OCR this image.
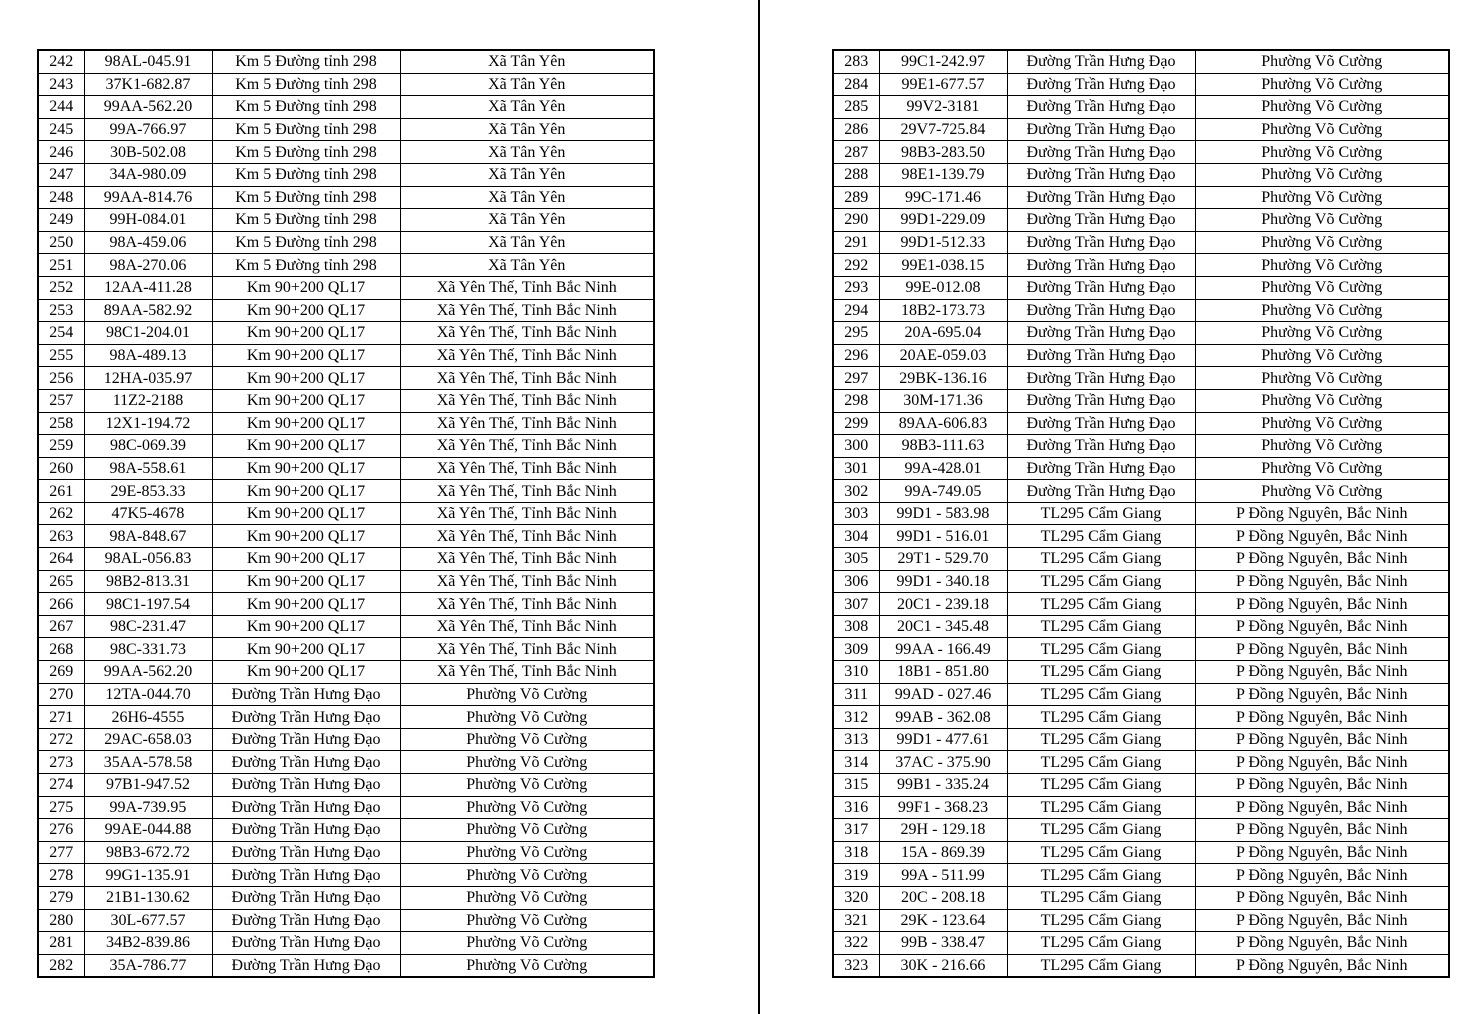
242	98AL-045.91	Km 5 Đường tỉnh 298	Xã Tân Yên
243	37K1-682.87	Km 5 Đường tỉnh 298	Xã Tân Yên
244	99AA-562.20	Km 5 Đường tỉnh 298	Xã Tân Yên
245	99A-766.97	Km 5 Đường tỉnh 298	Xã Tân Yên
246	30B-502.08	Km 5 Đường tỉnh 298	Xã Tân Yên
247	34A-980.09	Km 5 Đường tỉnh 298	Xã Tân Yên
248	99AA-814.76	Km 5 Đường tỉnh 298	Xã Tân Yên
249	99H-084.01	Km 5 Đường tỉnh 298	Xã Tân Yên
250	98A-459.06	Km 5 Đường tỉnh 298	Xã Tân Yên
251	98A-270.06	Km 5 Đường tỉnh 298	Xã Tân Yên
252	12AA-411.28	Km 90+200 QL17	Xã Yên Thế, Tỉnh Bắc Ninh
253	89AA-582.92	Km 90+200 QL17	Xã Yên Thế, Tỉnh Bắc Ninh
254	98C1-204.01	Km 90+200 QL17	Xã Yên Thế, Tỉnh Bắc Ninh
255	98A-489.13	Km 90+200 QL17	Xã Yên Thế, Tỉnh Bắc Ninh
256	12HA-035.97	Km 90+200 QL17	Xã Yên Thế, Tỉnh Bắc Ninh
257	11Z2-2188	Km 90+200 QL17	Xã Yên Thế, Tỉnh Bắc Ninh
258	12X1-194.72	Km 90+200 QL17	Xã Yên Thế, Tỉnh Bắc Ninh
259	98C-069.39	Km 90+200 QL17	Xã Yên Thế, Tỉnh Bắc Ninh
260	98A-558.61	Km 90+200 QL17	Xã Yên Thế, Tỉnh Bắc Ninh
261	29E-853.33	Km 90+200 QL17	Xã Yên Thế, Tỉnh Bắc Ninh
262	47K5-4678	Km 90+200 QL17	Xã Yên Thế, Tỉnh Bắc Ninh
263	98A-848.67	Km 90+200 QL17	Xã Yên Thế, Tỉnh Bắc Ninh
264	98AL-056.83	Km 90+200 QL17	Xã Yên Thế, Tỉnh Bắc Ninh
265	98B2-813.31	Km 90+200 QL17	Xã Yên Thế, Tỉnh Bắc Ninh
266	98C1-197.54	Km 90+200 QL17	Xã Yên Thế, Tỉnh Bắc Ninh
267	98C-231.47	Km 90+200 QL17	Xã Yên Thế, Tỉnh Bắc Ninh
268	98C-331.73	Km 90+200 QL17	Xã Yên Thế, Tỉnh Bắc Ninh
269	99AA-562.20	Km 90+200 QL17	Xã Yên Thế, Tỉnh Bắc Ninh
270	12TA-044.70	Đường Trần Hưng Đạo	Phường Võ Cường
271	26H6-4555	Đường Trần Hưng Đạo	Phường Võ Cường
272	29AC-658.03	Đường Trần Hưng Đạo	Phường Võ Cường
273	35AA-578.58	Đường Trần Hưng Đạo	Phường Võ Cường
274	97B1-947.52	Đường Trần Hưng Đạo	Phường Võ Cường
275	99A-739.95	Đường Trần Hưng Đạo	Phường Võ Cường
276	99AE-044.88	Đường Trần Hưng Đạo	Phường Võ Cường
277	98B3-672.72	Đường Trần Hưng Đạo	Phường Võ Cường
278	99G1-135.91	Đường Trần Hưng Đạo	Phường Võ Cường
279	21B1-130.62	Đường Trần Hưng Đạo	Phường Võ Cường
280	30L-677.57	Đường Trần Hưng Đạo	Phường Võ Cường
281	34B2-839.86	Đường Trần Hưng Đạo	Phường Võ Cường
282	35A-786.77	Đường Trần Hưng Đạo	Phường Võ Cường
283	99C1-242.97	Đường Trần Hưng Đạo	Phường Võ Cường
284	99E1-677.57	Đường Trần Hưng Đạo	Phường Võ Cường
285	99V2-3181	Đường Trần Hưng Đạo	Phường Võ Cường
286	29V7-725.84	Đường Trần Hưng Đạo	Phường Võ Cường
287	98B3-283.50	Đường Trần Hưng Đạo	Phường Võ Cường
288	98E1-139.79	Đường Trần Hưng Đạo	Phường Võ Cường
289	99C-171.46	Đường Trần Hưng Đạo	Phường Võ Cường
290	99D1-229.09	Đường Trần Hưng Đạo	Phường Võ Cường
291	99D1-512.33	Đường Trần Hưng Đạo	Phường Võ Cường
292	99E1-038.15	Đường Trần Hưng Đạo	Phường Võ Cường
293	99E-012.08	Đường Trần Hưng Đạo	Phường Võ Cường
294	18B2-173.73	Đường Trần Hưng Đạo	Phường Võ Cường
295	20A-695.04	Đường Trần Hưng Đạo	Phường Võ Cường
296	20AE-059.03	Đường Trần Hưng Đạo	Phường Võ Cường
297	29BK-136.16	Đường Trần Hưng Đạo	Phường Võ Cường
298	30M-171.36	Đường Trần Hưng Đạo	Phường Võ Cường
299	89AA-606.83	Đường Trần Hưng Đạo	Phường Võ Cường
300	98B3-111.63	Đường Trần Hưng Đạo	Phường Võ Cường
301	99A-428.01	Đường Trần Hưng Đạo	Phường Võ Cường
302	99A-749.05	Đường Trần Hưng Đạo	Phường Võ Cường
303	99D1 - 583.98	TL295 Cẩm Giang	P Đồng Nguyên, Bắc Ninh
304	99D1 - 516.01	TL295 Cẩm Giang	P Đồng Nguyên, Bắc Ninh
305	29T1 - 529.70	TL295 Cẩm Giang	P Đồng Nguyên, Bắc Ninh
306	99D1 - 340.18	TL295 Cẩm Giang	P Đồng Nguyên, Bắc Ninh
307	20C1 - 239.18	TL295 Cẩm Giang	P Đồng Nguyên, Bắc Ninh
308	20C1 - 345.48	TL295 Cẩm Giang	P Đồng Nguyên, Bắc Ninh
309	99AA - 166.49	TL295 Cẩm Giang	P Đồng Nguyên, Bắc Ninh
310	18B1 - 851.80	TL295 Cẩm Giang	P Đồng Nguyên, Bắc Ninh
311	99AD - 027.46	TL295 Cẩm Giang	P Đồng Nguyên, Bắc Ninh
312	99AB - 362.08	TL295 Cẩm Giang	P Đồng Nguyên, Bắc Ninh
313	99D1 - 477.61	TL295 Cẩm Giang	P Đồng Nguyên, Bắc Ninh
314	37AC - 375.90	TL295 Cẩm Giang	P Đồng Nguyên, Bắc Ninh
315	99B1 - 335.24	TL295 Cẩm Giang	P Đồng Nguyên, Bắc Ninh
316	99F1 - 368.23	TL295 Cẩm Giang	P Đồng Nguyên, Bắc Ninh
317	29H - 129.18	TL295 Cẩm Giang	P Đồng Nguyên, Bắc Ninh
318	15A - 869.39	TL295 Cẩm Giang	P Đồng Nguyên, Bắc Ninh
319	99A - 511.99	TL295 Cẩm Giang	P Đồng Nguyên, Bắc Ninh
320	20C - 208.18	TL295 Cẩm Giang	P Đồng Nguyên, Bắc Ninh
321	29K - 123.64	TL295 Cẩm Giang	P Đồng Nguyên, Bắc Ninh
322	99B - 338.47	TL295 Cẩm Giang	P Đồng Nguyên, Bắc Ninh
323	30K - 216.66	TL295 Cẩm Giang	P Đồng Nguyên, Bắc Ninh
